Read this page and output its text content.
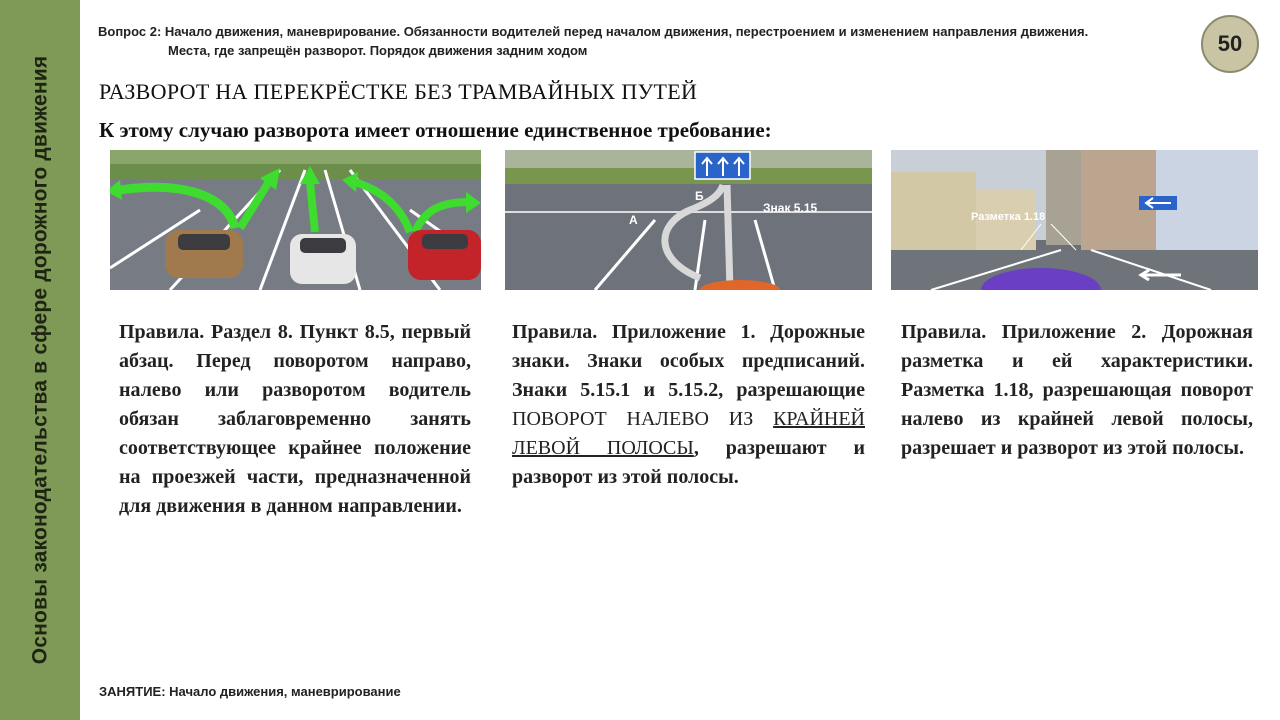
Основы законодательства в сфере дорожного движения
Вопрос 2: Начало движения, маневрирование. Обязанности водителей перед началом движения, перестроением и изменением направления движения.
Места, где запрещён разворот. Порядок движения задним ходом	50
РАЗВОРОТ НА ПЕРЕКРЁСТКЕ БЕЗ ТРАМВАЙНЫХ ПУТЕЙ
К этому случаю разворота имеет отношение единственное требование:
А
Б
Знак 5.15
Разметка 1.18
Правила. Раздел 8. Пункт 8.5, первый абзац. Перед поворотом направо, налево или разворотом водитель обязан заблаговременно занять соответствующее крайнее положение на проезжей части, предназначенной для движения в данном направлении.
Правила. Приложение 1. Дорожные знаки. Знаки особых предписаний. Знаки 5.15.1 и 5.15.2, разрешающие ПОВОРОТ НАЛЕВО ИЗ КРАЙНЕЙ ЛЕВОЙ ПОЛОСЫ, разрешают и разворот из этой полосы.
Правила. Приложение 2. Дорожная разметка и ей характеристики. Разметка 1.18, разрешающая поворот налево из крайней левой полосы, разрешает и разворот из этой полосы.
ЗАНЯТИЕ: Начало движения, маневрирование
